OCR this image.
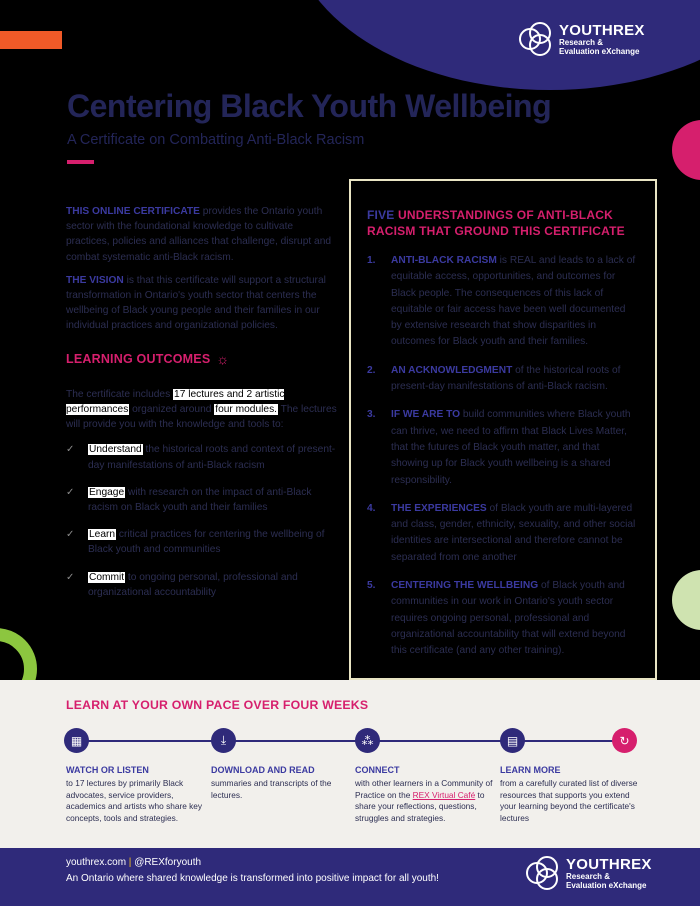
YOUTHREX
Research &
Evaluation eXchange
Centering Black Youth Wellbeing
A Certificate on Combatting Anti-Black Racism

THIS ONLINE CERTIFICATE provides the Ontario youth sector with the foundational knowledge to cultivate practices, policies and alliances that challenge, disrupt and combat systematic anti-Black racism.

THE VISION is that this certificate will support a structural transformation in Ontario's youth sector that centers the wellbeing of Black young people and their families in our individual practices and organizational policies.

LEARNING OUTCOMES ☼

The certificate includes 17 lectures and 2 artistic performances organized around four modules. The lectures will provide you with the knowledge and tools to:

✓	Understand the historical roots and context of present- day manifestations of anti-Black racism
✓	Engage with research on the impact of anti-Black racism on Black youth and their families
✓	Learn critical practices for centering the wellbeing of Black youth and communities
✓	Commit to ongoing personal, professional and organizational accountability
FIVE UNDERSTANDINGS OF ANTI-BLACK RACISM THAT GROUND THIS CERTIFICATE
1.	ANTI-BLACK RACISM is REAL and leads to a lack of equitable access, opportunities, and outcomes for Black people. The consequences of this lack of equitable or fair access have been well documented by extensive research that show disparities in outcomes for Black youth and their families.
2.	AN ACKNOWLEDGMENT of the historical roots of present-day manifestations of anti-Black racism.
3.	IF WE ARE TO build communities where Black youth can thrive, we need to affirm that Black Lives Matter, that the futures of Black youth matter, and that showing up for Black youth wellbeing is a shared responsibility.
4.	THE EXPERIENCES of Black youth are multi-layered and class, gender, ethnicity, sexuality, and other social identities are intersectional and therefore cannot be separated from one another
5.	CENTERING THE WELLBEING of Black youth and communities in our work in Ontario's youth sector requires ongoing personal, professional and organizational accountability that will extend beyond this certificate (and any other training).
LEARN AT YOUR OWN PACE OVER FOUR WEEKS
▦	⤓	⁂	▤	↻
WATCH OR LISTEN
to 17 lectures by primarily Black advocates, service providers, academics and artists who share key concepts, tools and strategies.
DOWNLOAD AND READ
summaries and transcripts of the lectures.
CONNECT
with other learners in a Community of Practice on the REX Virtual Café to share your reflections, questions, struggles and strategies.
LEARN MORE
from a carefully curated list of diverse resources that supports you extend your learning beyond the certificate's lectures
youthrex.com | @REXforyouth
An Ontario where shared knowledge is transformed into positive impact for all youth!
YOUTHREX
Research &
Evaluation eXchange
